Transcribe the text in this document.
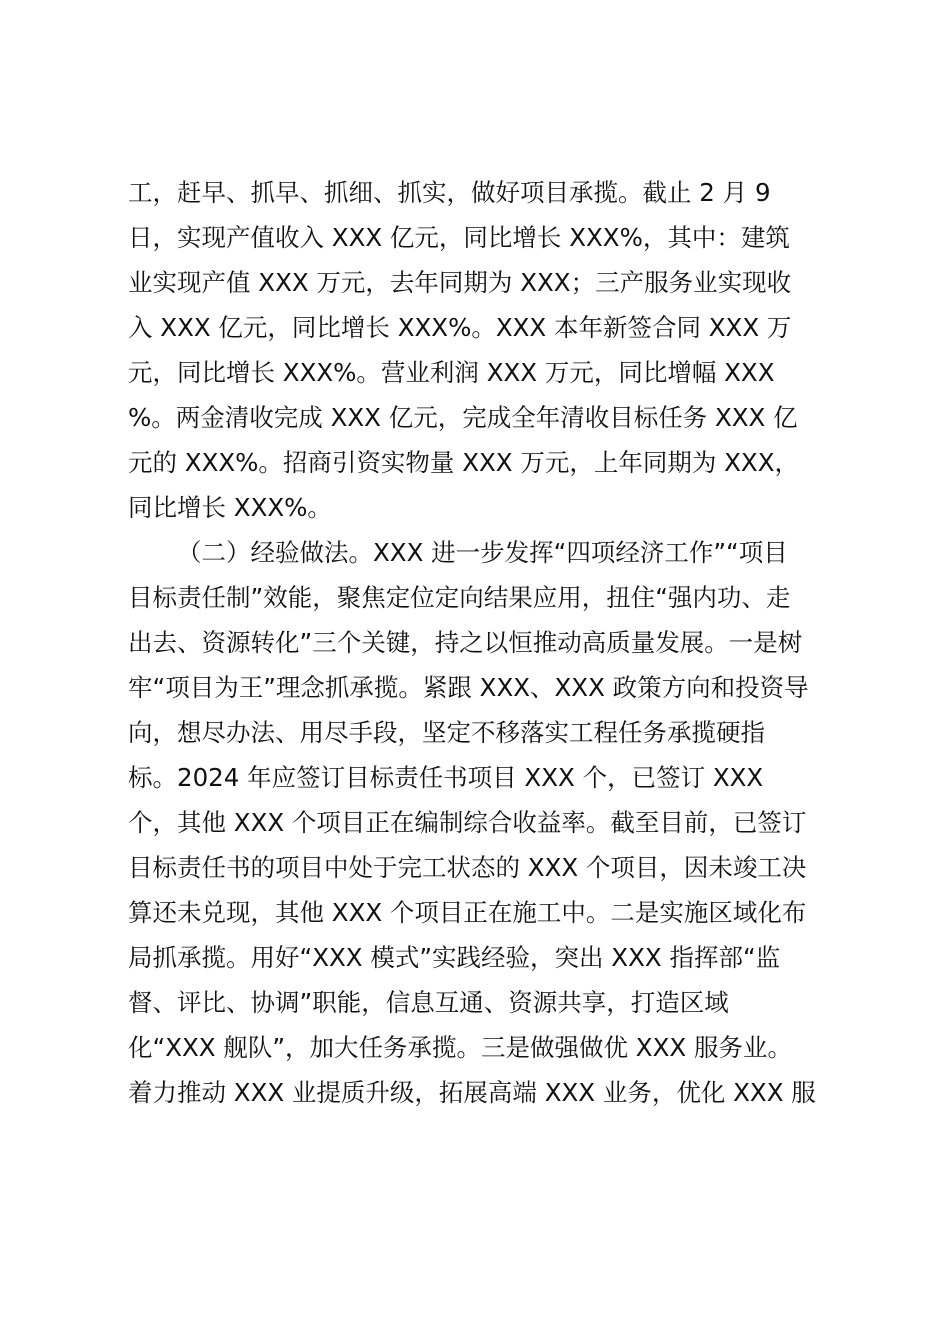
工，赶早、抓早、抓细、抓实，做好项目承揽。截止 2 月 9
日，实现产值收入 XXX 亿元，同比增长 XXX%，其中：建筑
业实现产值 XXX 万元，去年同期为 XXX；三产服务业实现收
入 XXX 亿元，同比增长 XXX%。XXX 本年新签合同 XXX 万
元，同比增长 XXX%。营业利润 XXX 万元，同比增幅 XXX
%。两金清收完成 XXX 亿元，完成全年清收目标任务 XXX 亿
元的 XXX%。招商引资实物量 XXX 万元，上年同期为 XXX，
同比增长 XXX%。
（二）经验做法。XXX 进一步发挥“四项经济工作”“项目
目标责任制”效能，聚焦定位定向结果应用，扭住“强内功、走
出去、资源转化”三个关键，持之以恒推动高质量发展。一是树
牢“项目为王”理念抓承揽。紧跟 XXX、XXX 政策方向和投资导
向，想尽办法、用尽手段，坚定不移落实工程任务承揽硬指
标。2024 年应签订目标责任书项目 XXX 个，已签订 XXX
个，其他 XXX 个项目正在编制综合收益率。截至目前，已签订
目标责任书的项目中处于完工状态的 XXX 个项目，因未竣工决
算还未兑现，其他 XXX 个项目正在施工中。二是实施区域化布
局抓承揽。用好“XXX 模式”实践经验，突出 XXX 指挥部“监
督、评比、协调”职能，信息互通、资源共享，打造区域
化“XXX 舰队”，加大任务承揽。三是做强做优 XXX 服务业。
着力推动 XXX 业提质升级，拓展高端 XXX 业务，优化 XXX 服
